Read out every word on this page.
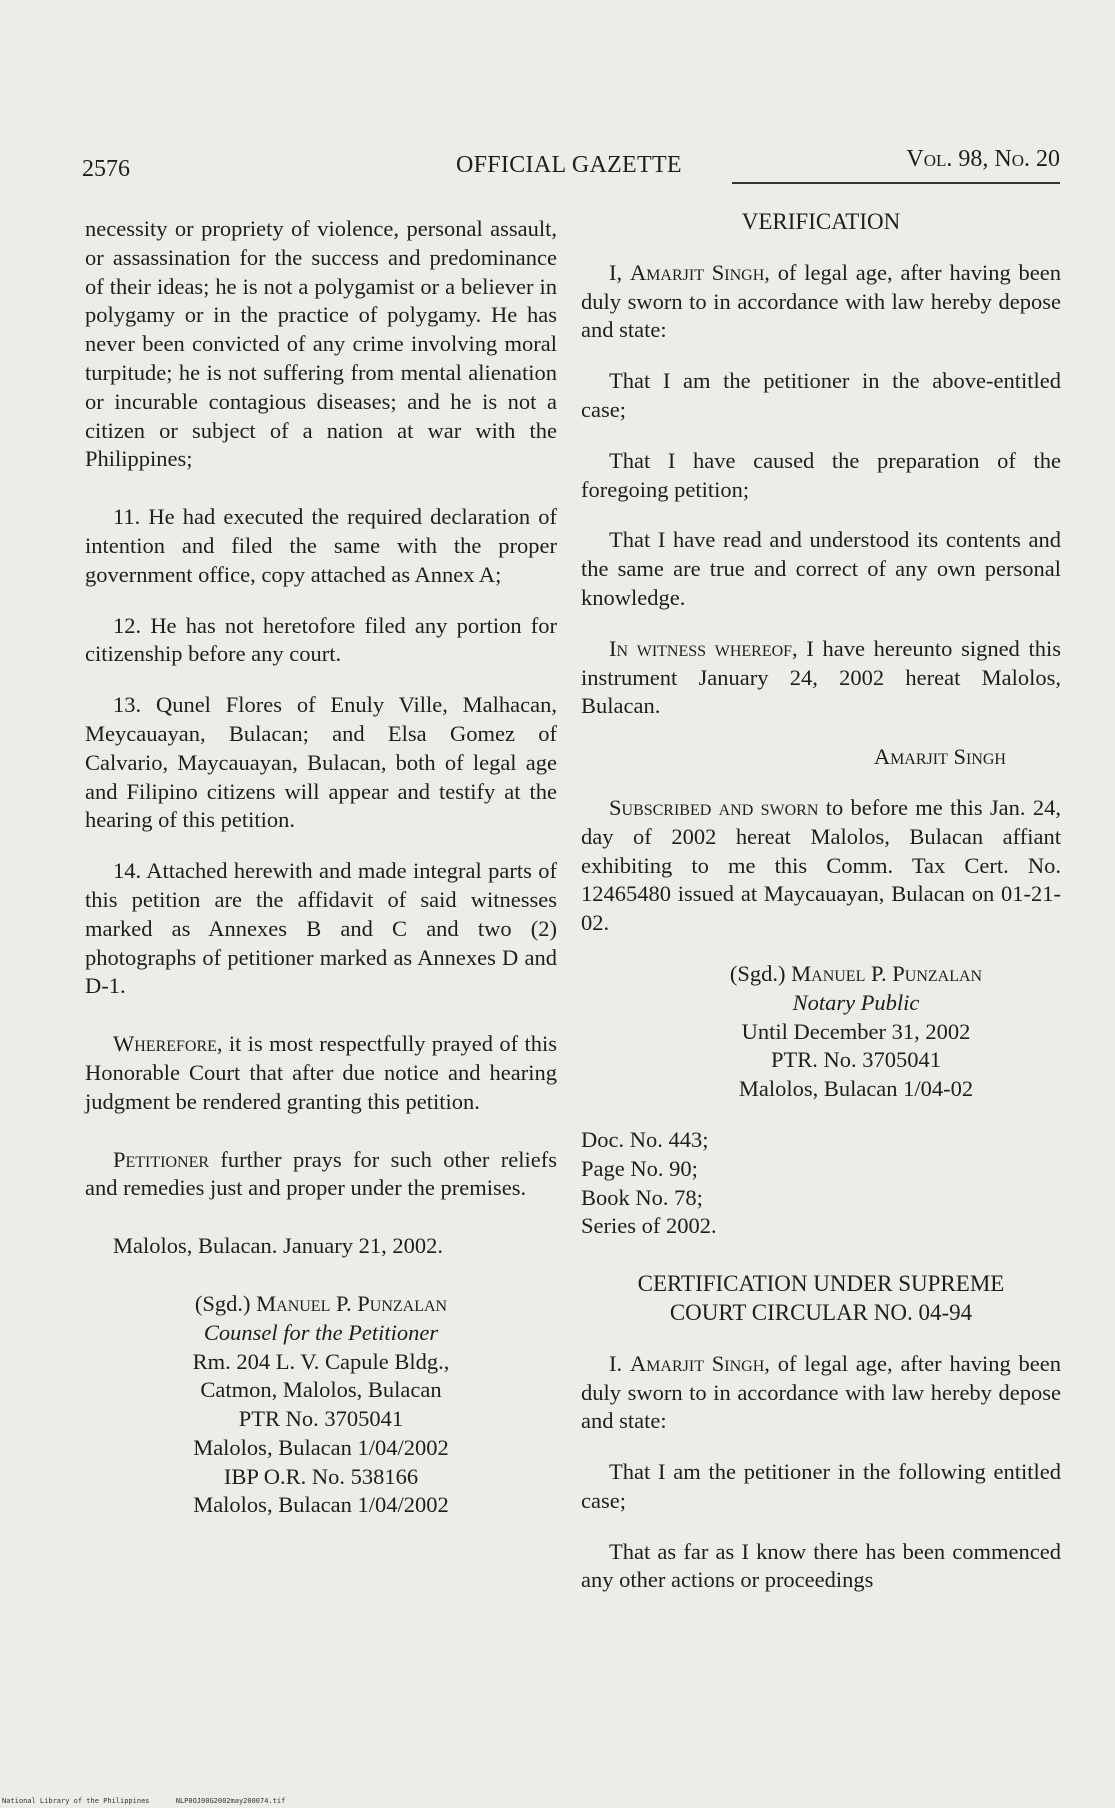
2576	OFFICIAL GAZETTE	Vol. 98, No. 20

necessity or propriety of violence, personal assault, or assassination for the success and predominance of their ideas; he is not a polygamist or a believer in polygamy or in the practice of polygamy. He has never been convicted of any crime involving moral turpitude; he is not suffering from mental alienation or incurable contagious diseases; and he is not a citizen or subject of a nation at war with the Philippines;

11. He had executed the required declaration of intention and filed the same with the proper government office, copy attached as Annex A;

12. He has not heretofore filed any portion for citizenship before any court.

13. Qunel Flores of Enuly Ville, Malhacan, Meycauayan, Bulacan; and Elsa Gomez of Calvario, Maycauayan, Bulacan, both of legal age and Filipino citizens will appear and testify at the hearing of this petition.

14. Attached herewith and made integral parts of this petition are the affidavit of said witnesses marked as Annexes B and C and two (2) photographs of petitioner marked as Annexes D and D-1.

Wherefore, it is most respectfully prayed of this Honorable Court that after due notice and hearing judgment be rendered granting this petition.

Petitioner further prays for such other reliefs and remedies just and proper under the premises.

Malolos, Bulacan. January 21, 2002.

(Sgd.) Manuel P. Punzalan
Counsel for the Petitioner
Rm. 204 L. V. Capule Bldg.,
Catmon, Malolos, Bulacan
PTR No. 3705041
Malolos, Bulacan 1/04/2002
IBP O.R. No. 538166
Malolos, Bulacan 1/04/2002
VERIFICATION

I, Amarjit Singh, of legal age, after having been duly sworn to in accordance with law hereby depose and state:

That I am the petitioner in the above-entitled case;

That I have caused the preparation of the foregoing petition;

That I have read and understood its contents and the same are true and correct of any own personal knowledge.

In witness whereof, I have hereunto signed this instrument January 24, 2002 hereat Malolos, Bulacan.

Amarjit Singh

Subscribed and sworn to before me this Jan. 24, day of 2002 hereat Malolos, Bulacan affiant exhibiting to me this Comm. Tax Cert. No. 12465480 issued at Maycauayan, Bulacan on 01-21-02.

(Sgd.) Manuel P. Punzalan
Notary Public
Until December 31, 2002
PTR. No. 3705041
Malolos, Bulacan 1/04-02
Doc. No. 443;
Page No. 90;
Book No. 78;
Series of 2002.
CERTIFICATION UNDER SUPREME
COURT CIRCULAR NO. 04-94

I. Amarjit Singh, of legal age, after having been duly sworn to in accordance with law hereby depose and state:

That I am the petitioner in the following entitled case;

That as far as I know there has been commenced any other actions or proceedings

National Library of the Philippines	NLP0OJ00G2002may200074.tif
